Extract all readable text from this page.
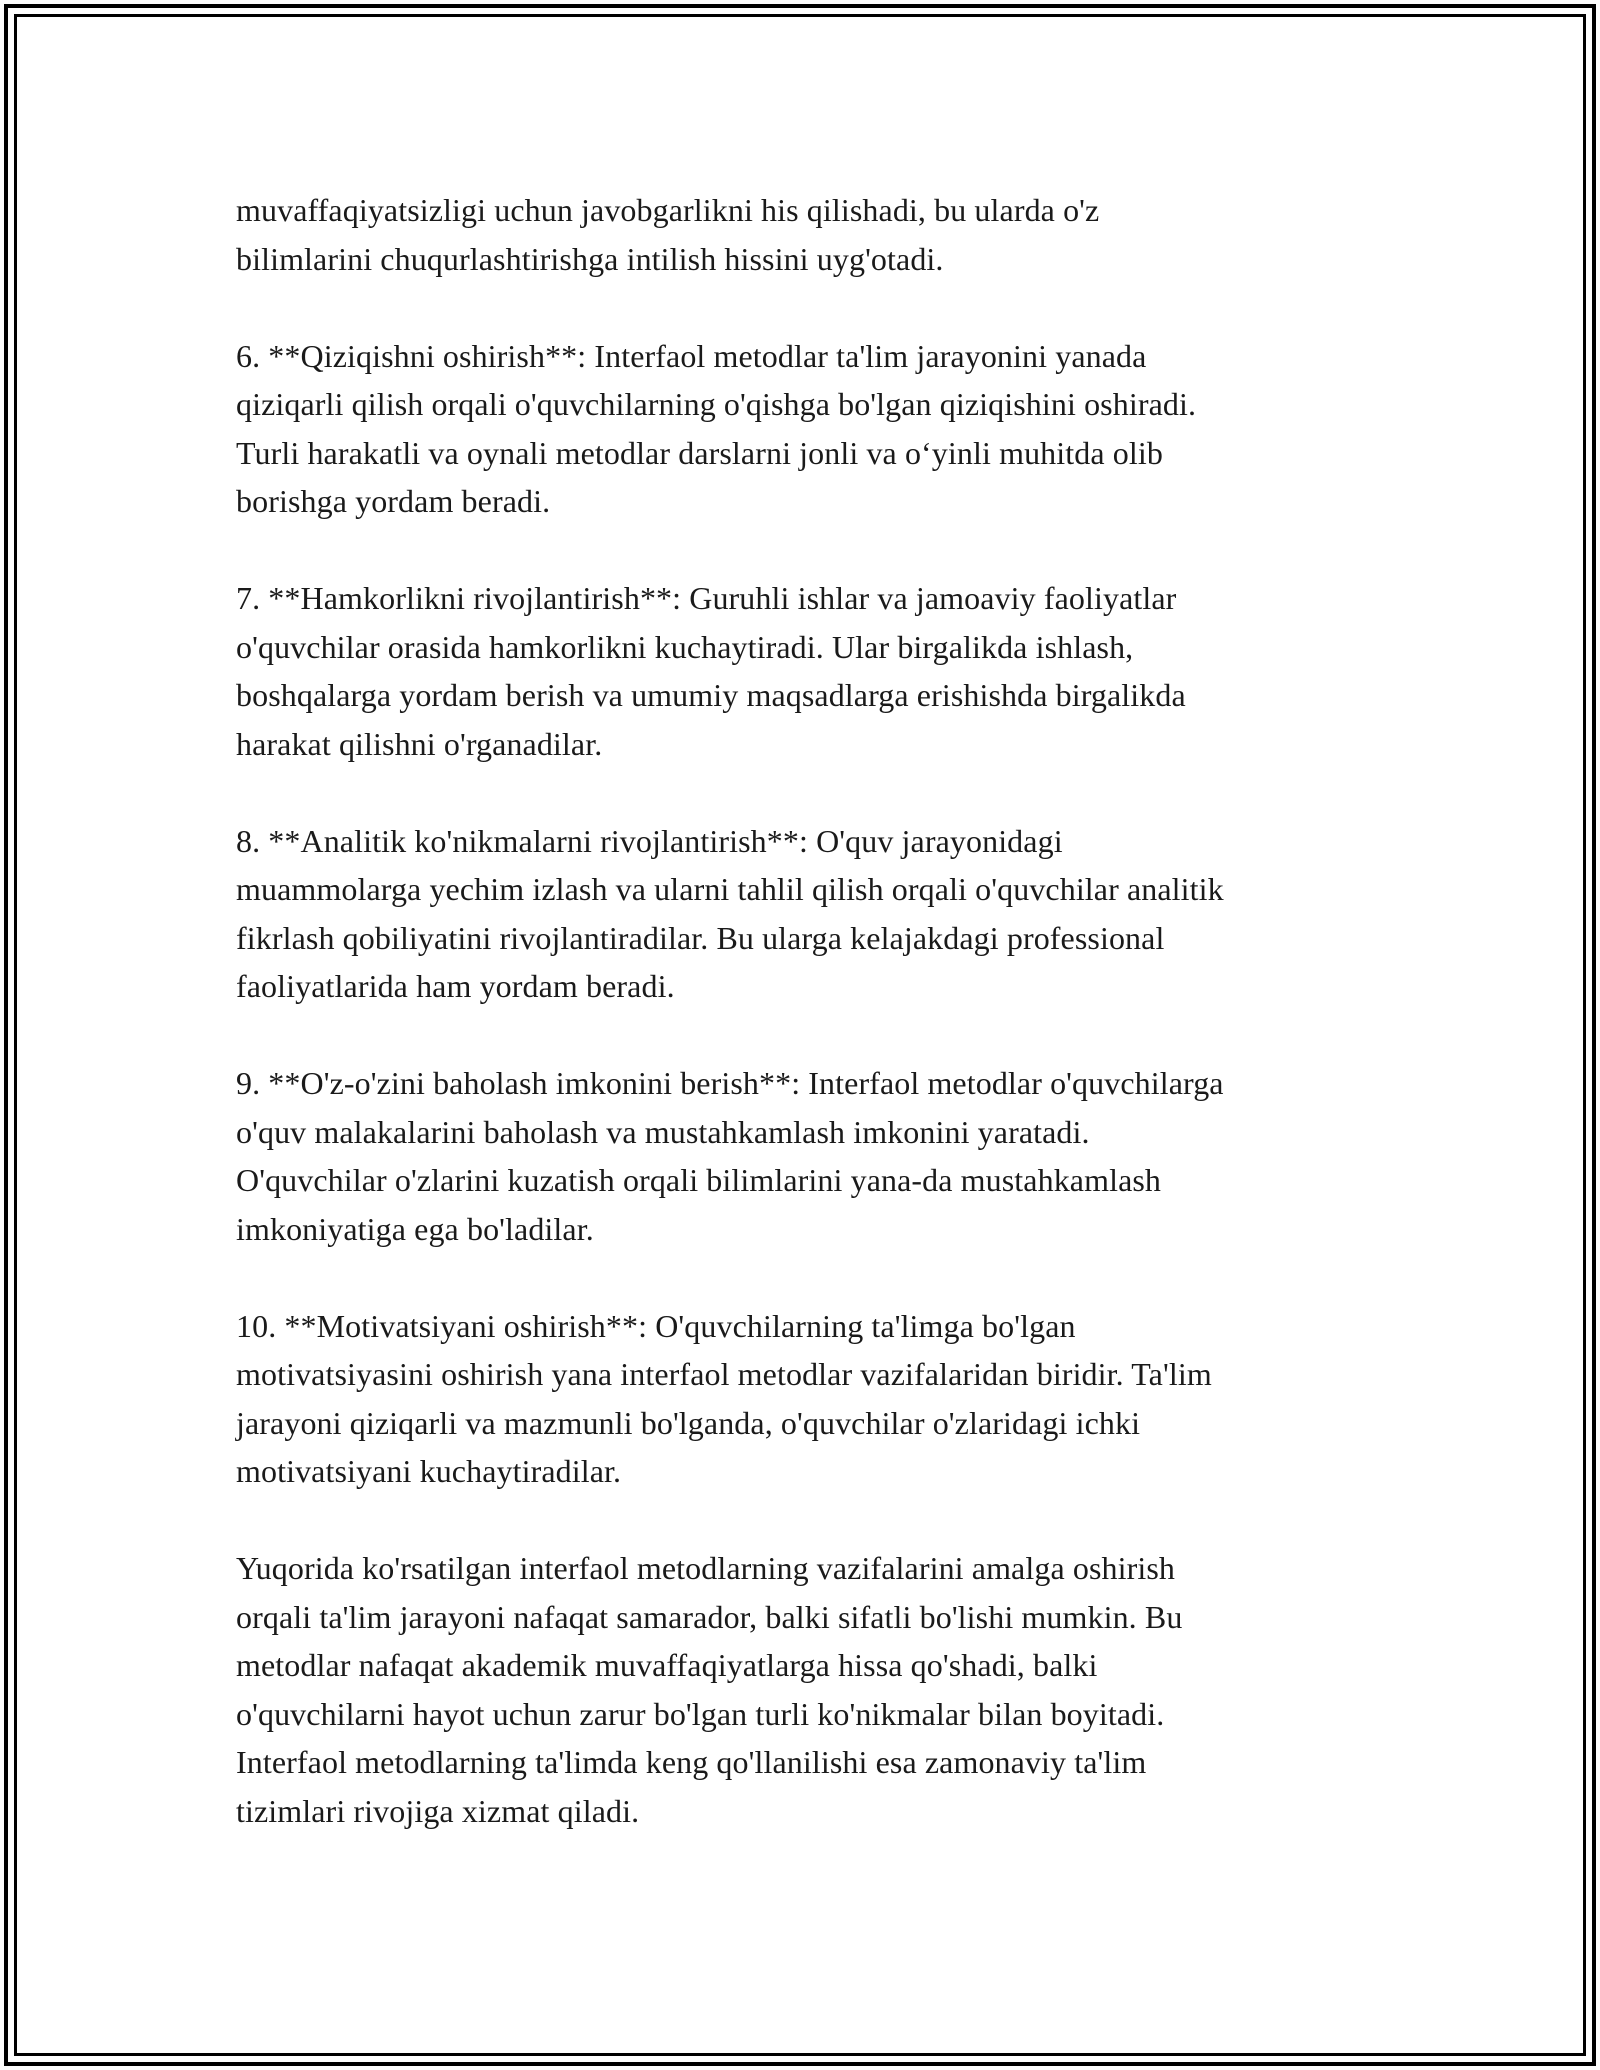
muvaffaqiyatsizligi uchun javobgarlikni his qilishadi, bu ularda o'z
bilimlarini chuqurlashtirishga intilish hissini uyg'otadi.

6. **Qiziqishni oshirish**: Interfaol metodlar ta'lim jarayonini yanada
qiziqarli qilish orqali o'quvchilarning o'qishga bo'lgan qiziqishini oshiradi.
Turli harakatli va oynali metodlar darslarni jonli va o‘yinli muhitda olib
borishga yordam beradi.

7. **Hamkorlikni rivojlantirish**: Guruhli ishlar va jamoaviy faoliyatlar
o'quvchilar orasida hamkorlikni kuchaytiradi. Ular birgalikda ishlash,
boshqalarga yordam berish va umumiy maqsadlarga erishishda birgalikda
harakat qilishni o'rganadilar.

8. **Analitik ko'nikmalarni rivojlantirish**: O'quv jarayonidagi
muammolarga yechim izlash va ularni tahlil qilish orqali o'quvchilar analitik
fikrlash qobiliyatini rivojlantiradilar. Bu ularga kelajakdagi professional
faoliyatlarida ham yordam beradi.

9. **O'z-o'zini baholash imkonini berish**: Interfaol metodlar o'quvchilarga
o'quv malakalarini baholash va mustahkamlash imkonini yaratadi.
O'quvchilar o'zlarini kuzatish orqali bilimlarini yana-da mustahkamlash
imkoniyatiga ega bo'ladilar.

10. **Motivatsiyani oshirish**: O'quvchilarning ta'limga bo'lgan
motivatsiyasini oshirish yana interfaol metodlar vazifalaridan biridir. Ta'lim
jarayoni qiziqarli va mazmunli bo'lganda, o'quvchilar o'zlaridagi ichki
motivatsiyani kuchaytiradilar.

Yuqorida ko'rsatilgan interfaol metodlarning vazifalarini amalga oshirish
orqali ta'lim jarayoni nafaqat samarador, balki sifatli bo'lishi mumkin. Bu
metodlar nafaqat akademik muvaffaqiyatlarga hissa qo'shadi, balki
o'quvchilarni hayot uchun zarur bo'lgan turli ko'nikmalar bilan boyitadi.
Interfaol metodlarning ta'limda keng qo'llanilishi esa zamonaviy ta'lim
tizimlari rivojiga xizmat qiladi.
